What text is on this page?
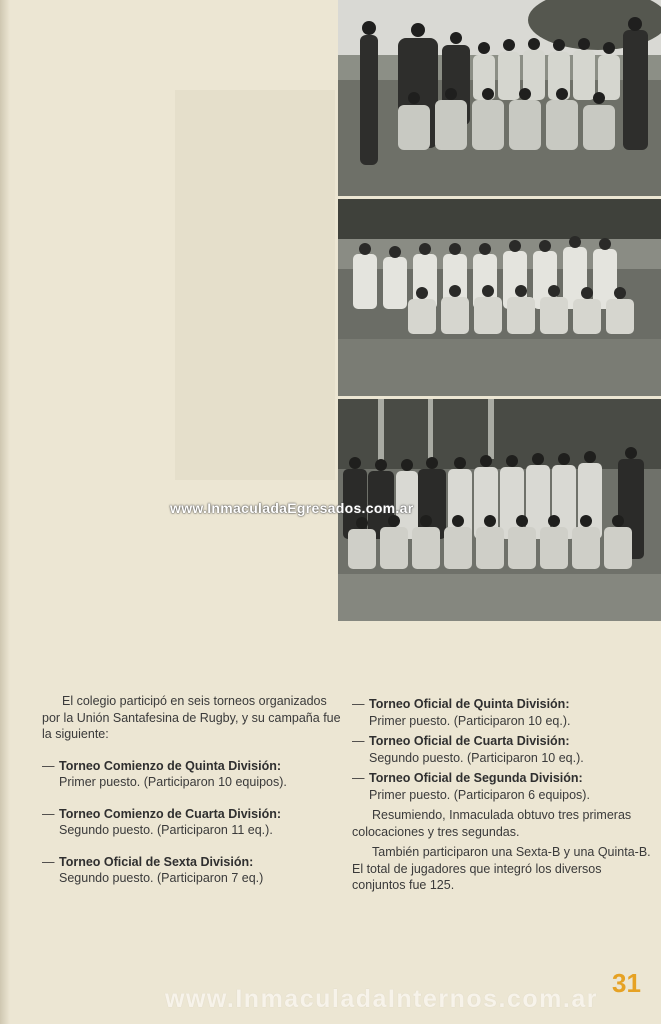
www.InmaculadaEgresados.com.ar

El colegio participó en seis torneos organizados por la Unión Santafesina de Rugby, y su campaña fue la siguiente:

— Torneo Comienzo de Quinta División:
Primer puesto. (Participaron 10 equipos).
— Torneo Comienzo de Cuarta División:
Segundo puesto. (Participaron 11 eq.).
— Torneo Oficial de Sexta División:
Segundo puesto. (Participaron 7 eq.)
— Torneo Oficial de Quinta División:
Primer puesto. (Participaron 10 eq.).
— Torneo Oficial de Cuarta División:
Segundo puesto. (Participaron 10 eq.).
— Torneo Oficial de Segunda División:
Primer puesto. (Participaron 6 equipos).

Resumiendo, Inmaculada obtuvo tres primeras colocaciones y tres segundas.

También participaron una Sexta-B y una Quinta-B. El total de jugadores que integró los diversos conjuntos fue 125.

31
www.InmaculadaInternos.com.ar
